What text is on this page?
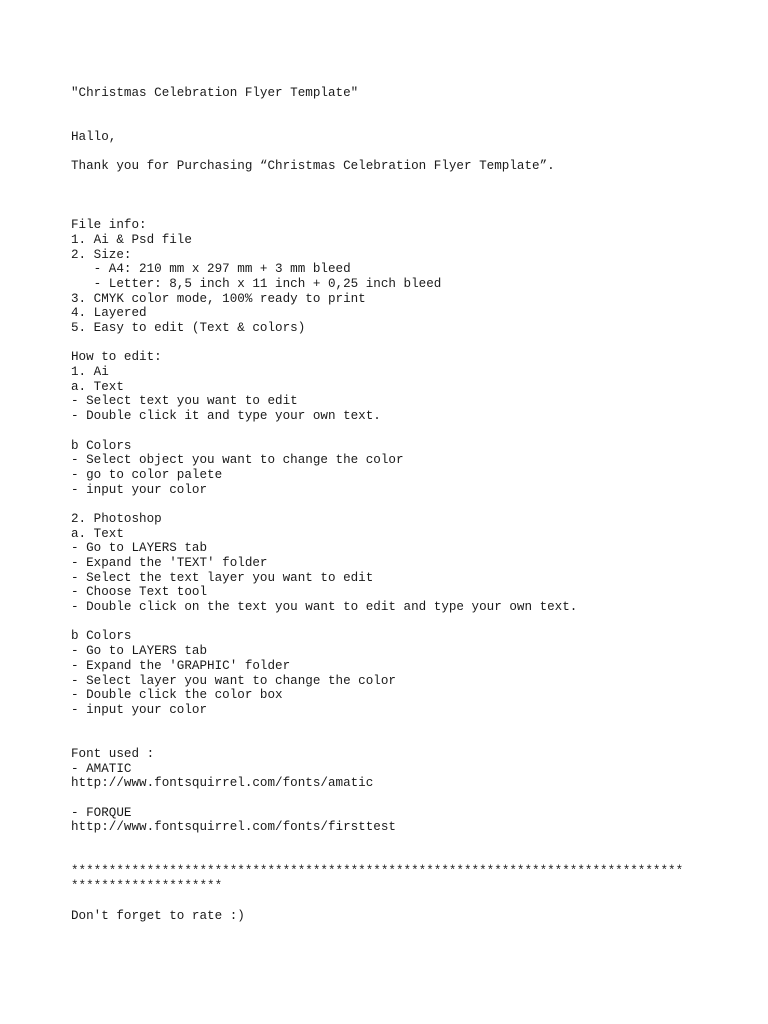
"Christmas Celebration Flyer Template"
Hallo,
Thank you for Purchasing “Christmas Celebration Flyer Template”.
File info:
1. Ai & Psd file
2. Size:
- A4: 210 mm x 297 mm + 3 mm bleed
- Letter: 8,5 inch x 11 inch + 0,25 inch bleed
3. CMYK color mode, 100% ready to print
4. Layered
5. Easy to edit (Text & colors)
How to edit:
1. Ai
a. Text
- Select text you want to edit
- Double click it and type your own text.
b Colors
- Select object you want to change the color
- go to color palete
- input your color
2. Photoshop
a. Text
- Go to LAYERS tab
- Expand the 'TEXT' folder
- Select the text layer you want to edit
- Choose Text tool
- Double click on the text you want to edit and type your own text.
b Colors
- Go to LAYERS tab
- Expand the 'GRAPHIC' folder
- Select layer you want to change the color
- Double click the color box
- input your color
Font used :
- AMATIC
http://www.fontsquirrel.com/fonts/amatic
- FORQUE
http://www.fontsquirrel.com/fonts/firsttest
*********************************************************************************
********************
Don't forget to rate :)
